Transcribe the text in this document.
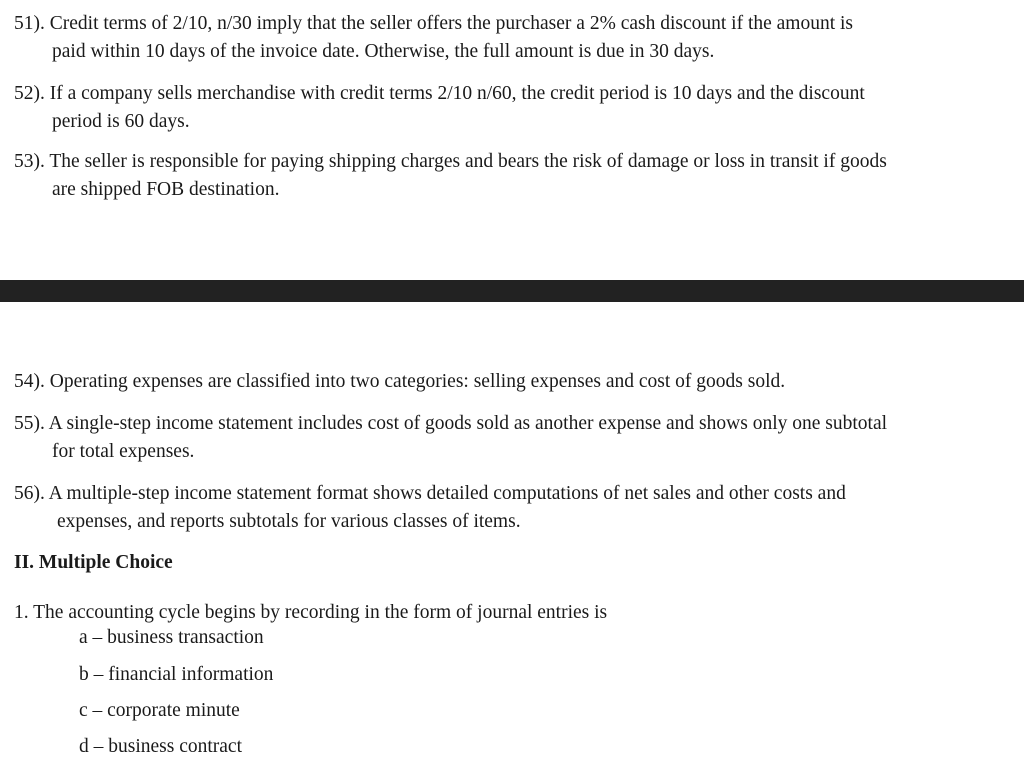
51). Credit terms of 2/10, n/30 imply that the seller offers the purchaser a 2% cash discount if the amount is
paid within 10 days of the invoice date. Otherwise, the full amount is due in 30 days.

52). If a company sells merchandise with credit terms 2/10 n/60, the credit period is 10 days and the discount
period is 60 days.

53). The seller is responsible for paying shipping charges and bears the risk of damage or loss in transit if goods
are shipped FOB destination.

54). Operating expenses are classified into two categories: selling expenses and cost of goods sold.

55). A single-step income statement includes cost of goods sold as another expense and shows only one subtotal
for total expenses.

56). A multiple-step income statement format shows detailed computations of net sales and other costs and
expenses, and reports subtotals for various classes of items.

II. Multiple Choice

1. The accounting cycle begins by recording in the form of journal entries is

a – business transaction

b – financial information

c – corporate minute

d – business contract
